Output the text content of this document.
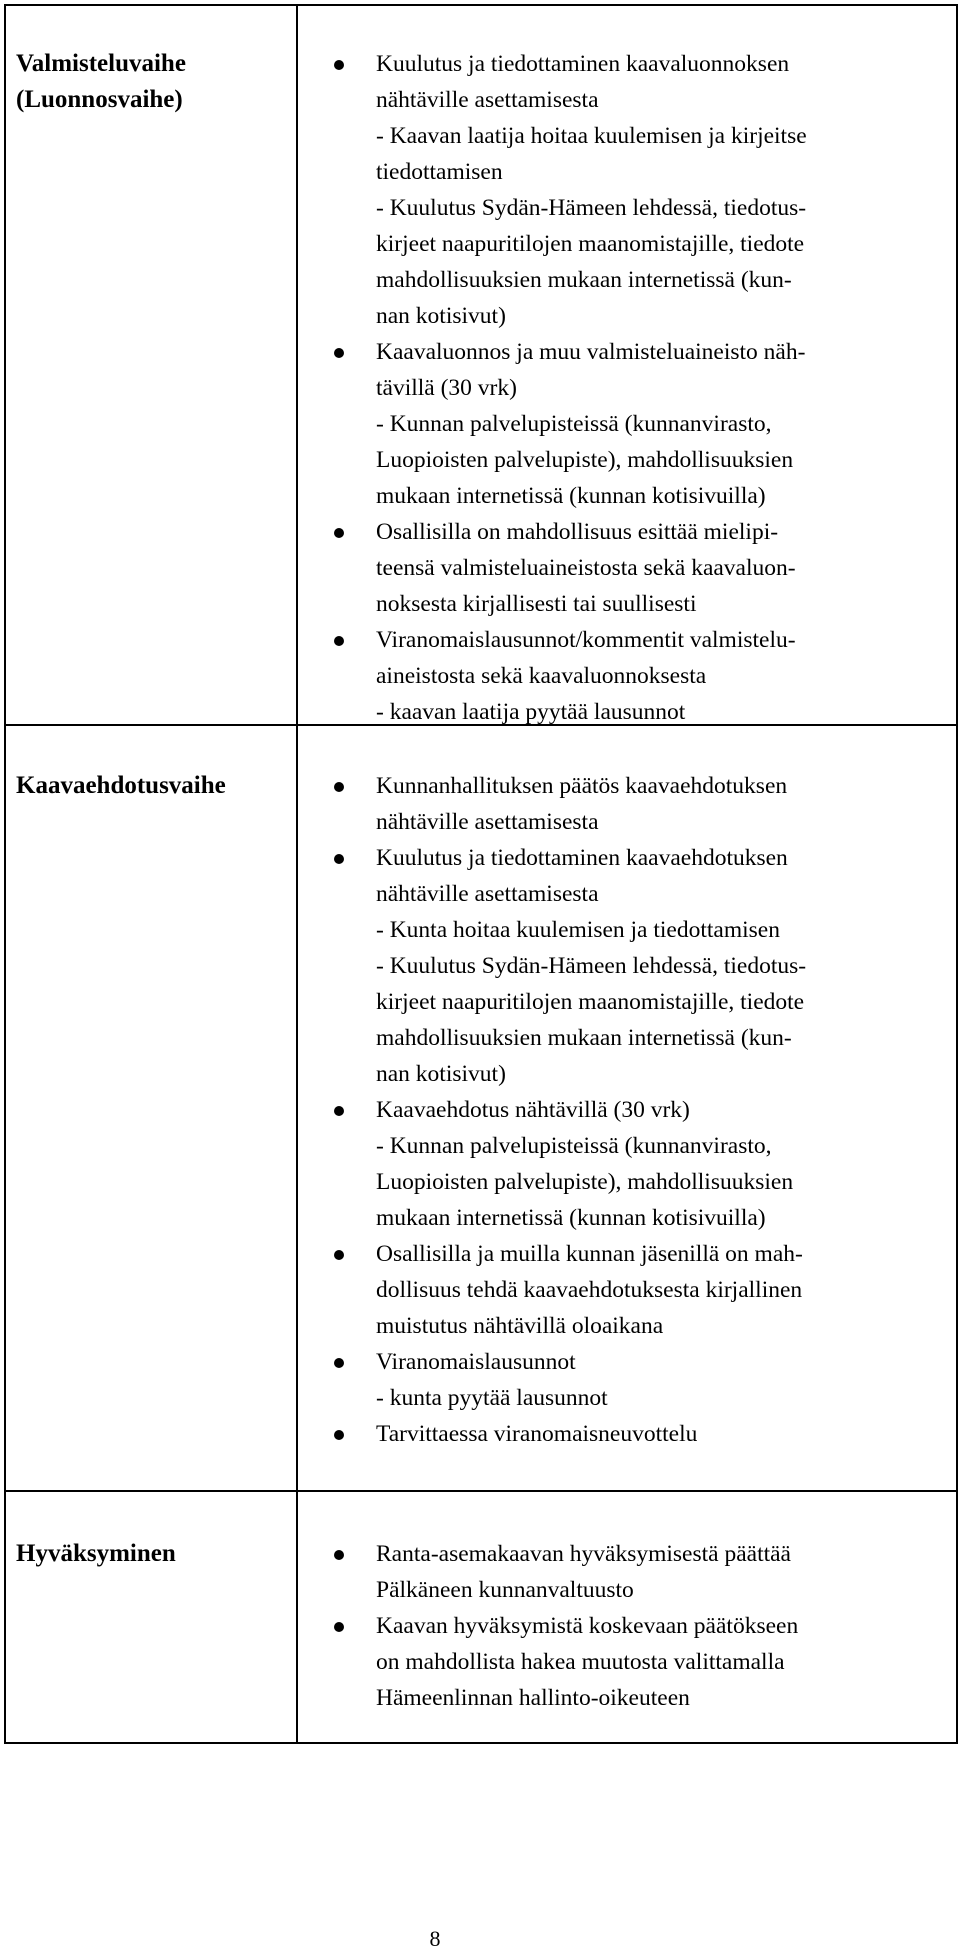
Valmisteluvaihe
(Luonnosvaihe)
Kuulutus ja tiedottaminen kaavaluonnoksen
nähtäville asettamisesta
- Kaavan laatija hoitaa kuulemisen ja kirjeitse
tiedottamisen
- Kuulutus Sydän-Hämeen lehdessä, tiedotus-
kirjeet naapuritilojen maanomistajille, tiedote
mahdollisuuksien mukaan internetissä (kun-
nan kotisivut)
Kaavaluonnos ja muu valmisteluaineisto näh-
tävillä (30 vrk)
- Kunnan palvelupisteissä (kunnanvirasto,
Luopioisten palvelupiste), mahdollisuuksien
mukaan internetissä (kunnan kotisivuilla)
Osallisilla on mahdollisuus esittää mielipi-
teensä valmisteluaineistosta sekä kaavaluon-
noksesta kirjallisesti tai suullisesti
Viranomaislausunnot/kommentit valmistelu-
aineistosta sekä kaavaluonnoksesta
- kaavan laatija pyytää lausunnot
Kaavaehdotusvaihe	Kunnanhallituksen päätös kaavaehdotuksen
nähtäville asettamisesta
Kuulutus ja tiedottaminen kaavaehdotuksen
nähtäville asettamisesta
- Kunta hoitaa kuulemisen ja tiedottamisen
- Kuulutus Sydän-Hämeen lehdessä, tiedotus-
kirjeet naapuritilojen maanomistajille, tiedote
mahdollisuuksien mukaan internetissä (kun-
nan kotisivut)
Kaavaehdotus nähtävillä (30 vrk)
- Kunnan palvelupisteissä (kunnanvirasto,
Luopioisten palvelupiste), mahdollisuuksien
mukaan internetissä (kunnan kotisivuilla)
Osallisilla ja muilla kunnan jäsenillä on mah-
dollisuus tehdä kaavaehdotuksesta kirjallinen
muistutus nähtävillä oloaikana
Viranomaislausunnot
- kunta pyytää lausunnot
Tarvittaessa viranomaisneuvottelu
Hyväksyminen	Ranta-asemakaavan hyväksymisestä päättää
Pälkäneen kunnanvaltuusto
Kaavan hyväksymistä koskevaan päätökseen
on mahdollista hakea muutosta valittamalla
Hämeenlinnan hallinto-oikeuteen
8
